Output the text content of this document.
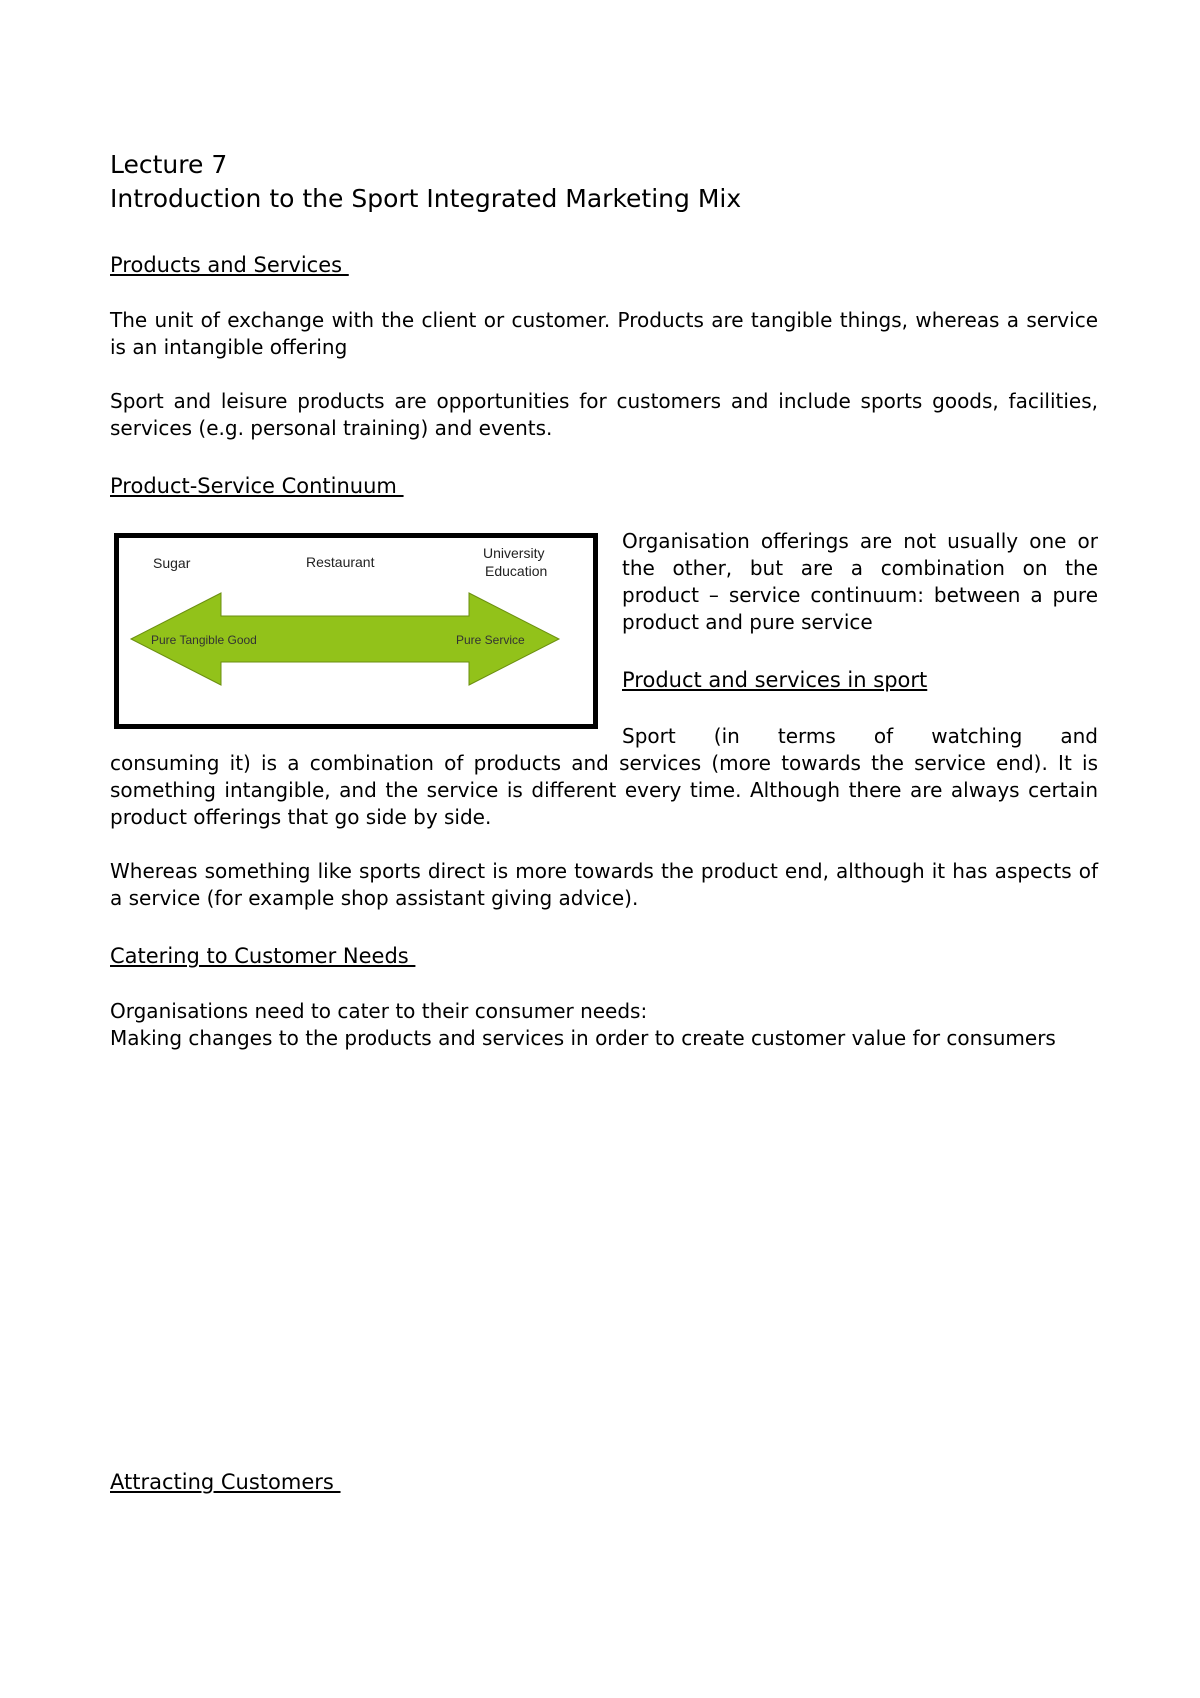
Lecture 7
Introduction to the Sport Integrated Marketing Mix
Products and Services

The unit of exchange with the client or customer. Products are tangible things, whereas a service is an intangible offering

Sport and leisure products are opportunities for customers and include sports goods, facilities, services (e.g. personal training) and events.

Product-Service Continuum
Sugar	Restaurant
University
Education
Pure Tangible Good	Pure Service

Organisation offerings are not usually one or the other, but are a combination on the product – service continuum: between a pure product and pure service

Product and services in sport

Sport (in terms of watching and

consuming it) is a combination of products and services (more towards the service end). It is something intangible, and the service is different every time. Although there are always certain product offerings that go side by side.

Whereas something like sports direct is more towards the product end, although it has aspects of a service (for example shop assistant giving advice).

Catering to Customer Needs

Organisations need to cater to their consumer needs:

Making changes to the products and services in order to create customer value for consumers

Attracting Customers
